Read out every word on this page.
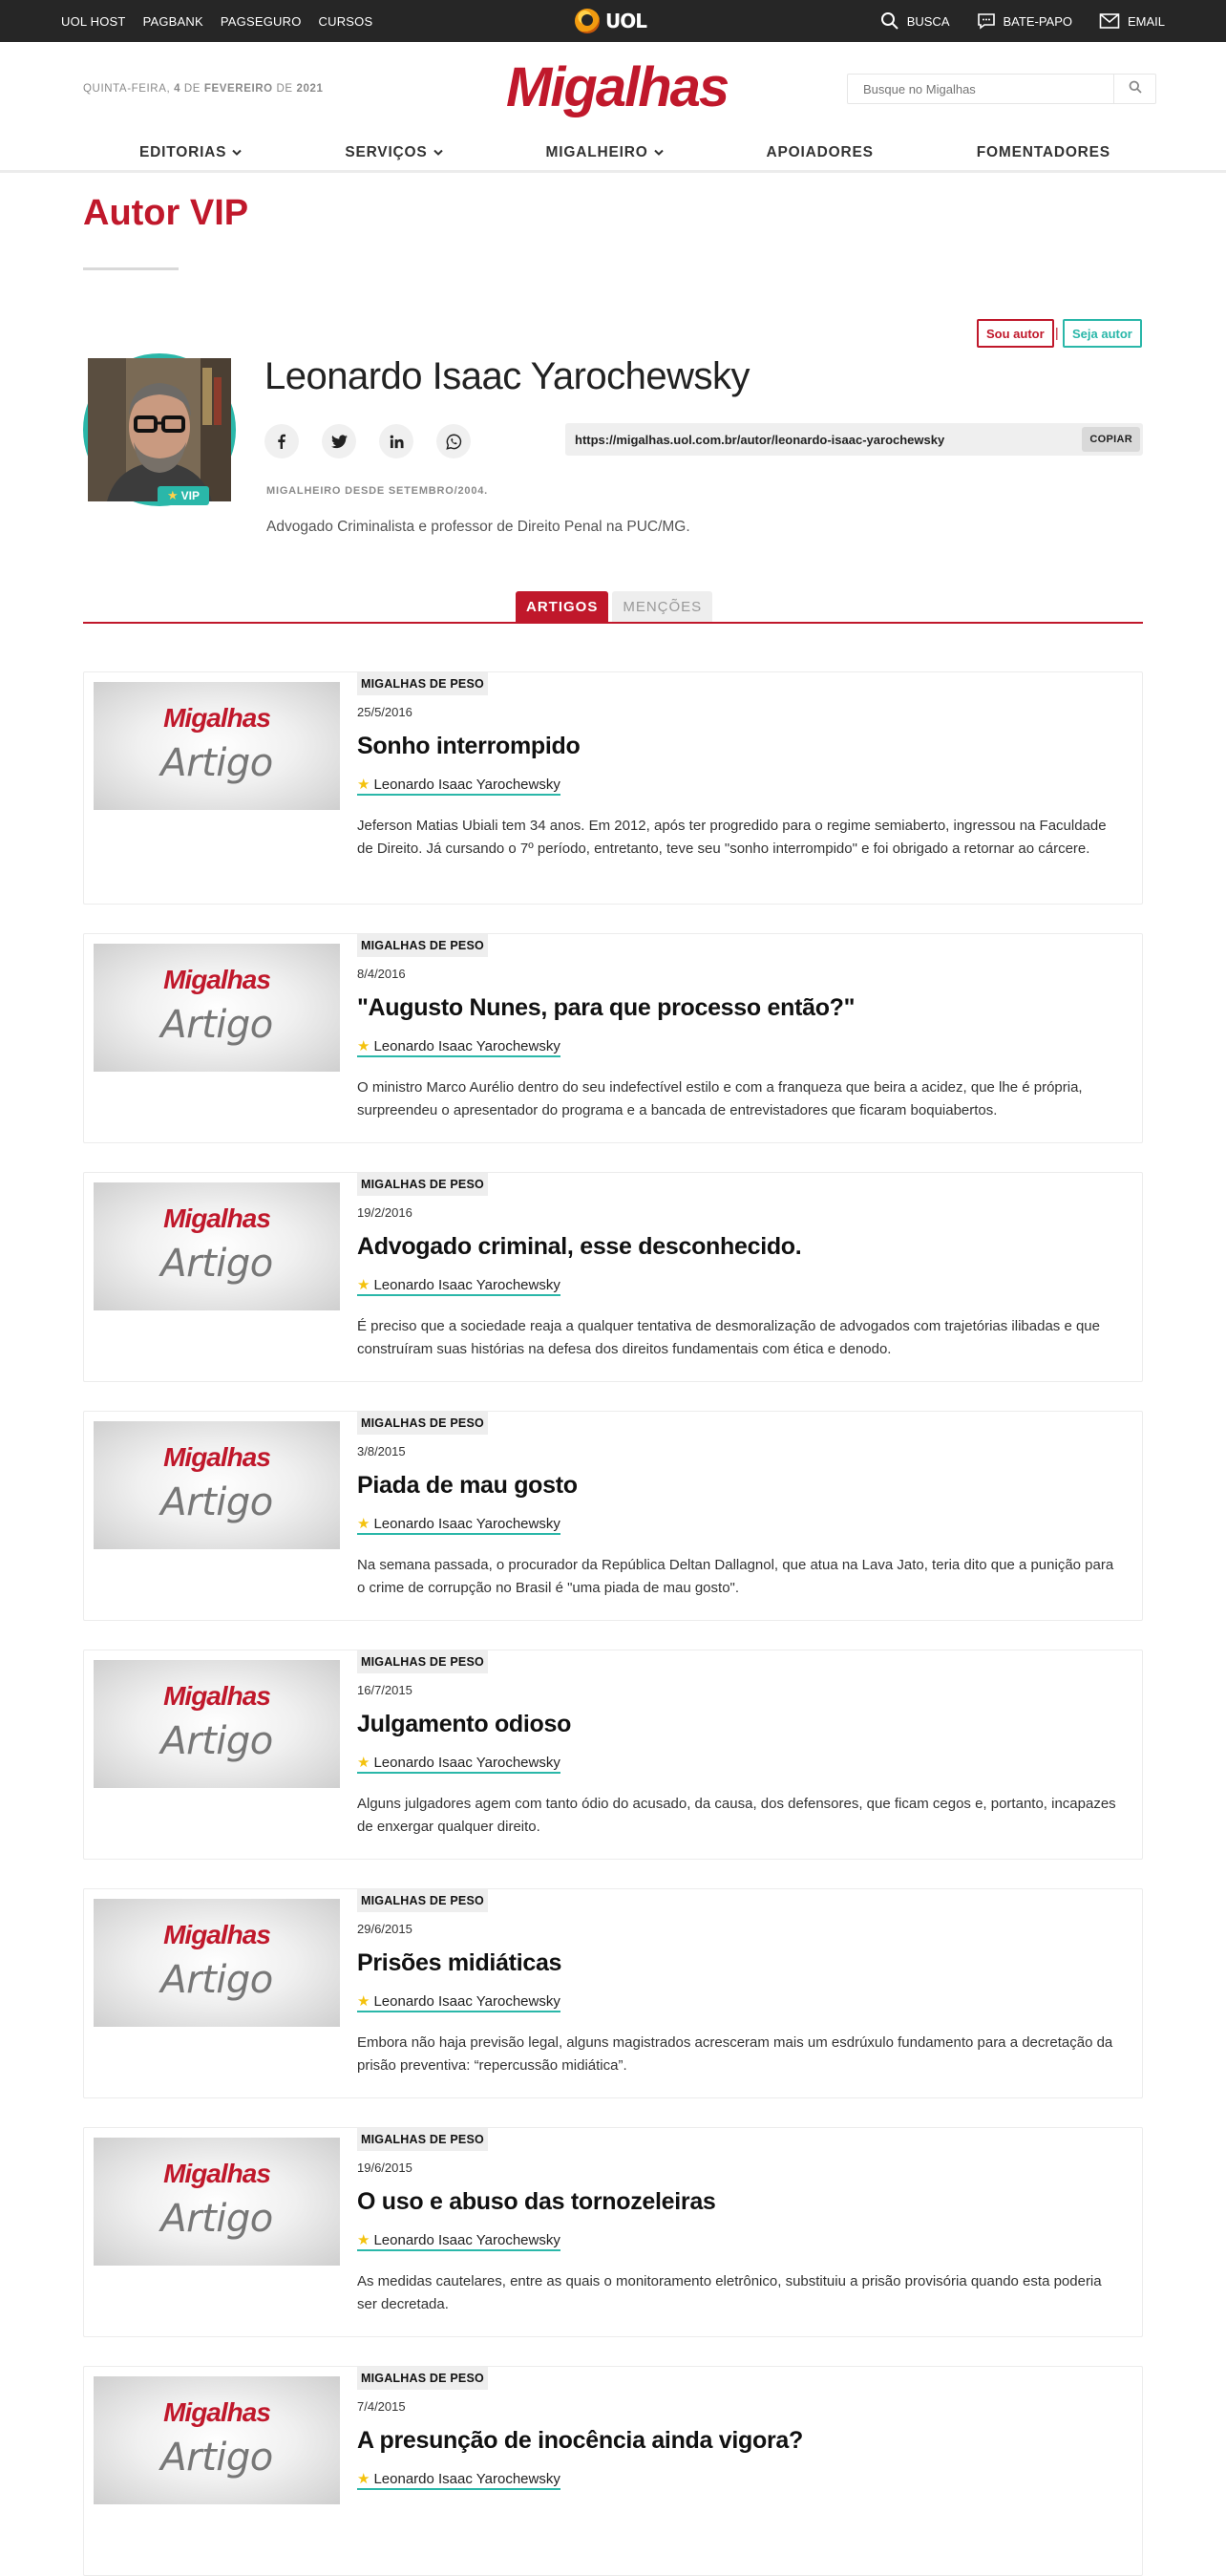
UOL HOST PAGBANK PAGSEGURO CURSOS	UOL	BUSCA	BATE-PAPO	EMAIL
QUINTA-FEIRA, 4 DE FEVEREIRO DE 2021	Migalhas
Busque no Migalhas
EDITORIAS	SERVIÇOS	MIGALHEIRO	APOIADORES	FOMENTADORES
Autor VIP
Sou autor |	Seja autor
★ VIP
Leonardo Isaac Yarochewsky
https://migalhas.uol.com.br/autor/leonardo-isaac-yarochewsky	COPIAR
MIGALHEIRO DESDE SETEMBRO/2004.
Advogado Criminalista e professor de Direito Penal na PUC/MG.
ARTIGOS	MENÇÕES
Migalhas
Artigo
MIGALHAS DE PESO
25/5/2016
Sonho interrompido
★ Leonardo Isaac Yarochewsky
Jeferson Matias Ubiali tem 34 anos. Em 2012, após ter progredido para o regime semiaberto, ingressou na Faculdade de Direito. Já cursando o 7º período, entretanto, teve seu "sonho interrompido" e foi obrigado a retornar ao cárcere.
Migalhas
Artigo
MIGALHAS DE PESO
8/4/2016
"Augusto Nunes, para que processo então?"
★ Leonardo Isaac Yarochewsky
O ministro Marco Aurélio dentro do seu indefectível estilo e com a franqueza que beira a acidez, que lhe é própria, surpreendeu o apresentador do programa e a bancada de entrevistadores que ficaram boquiabertos.
Migalhas
Artigo
MIGALHAS DE PESO
19/2/2016
Advogado criminal, esse desconhecido.
★ Leonardo Isaac Yarochewsky
É preciso que a sociedade reaja a qualquer tentativa de desmoralização de advogados com trajetórias ilibadas e que construíram suas histórias na defesa dos direitos fundamentais com ética e denodo.
Migalhas
Artigo
MIGALHAS DE PESO
3/8/2015
Piada de mau gosto
★ Leonardo Isaac Yarochewsky
Na semana passada, o procurador da República Deltan Dallagnol, que atua na Lava Jato, teria dito que a punição para o crime de corrupção no Brasil é "uma piada de mau gosto".
Migalhas
Artigo
MIGALHAS DE PESO
16/7/2015
Julgamento odioso
★ Leonardo Isaac Yarochewsky
Alguns julgadores agem com tanto ódio do acusado, da causa, dos defensores, que ficam cegos e, portanto, incapazes de enxergar qualquer direito.
Migalhas
Artigo
MIGALHAS DE PESO
29/6/2015
Prisões midiáticas
★ Leonardo Isaac Yarochewsky
Embora não haja previsão legal, alguns magistrados acresceram mais um esdrúxulo fundamento para a decretação da prisão preventiva: “repercussão midiática”.
Migalhas
Artigo
MIGALHAS DE PESO
19/6/2015
O uso e abuso das tornozeleiras
★ Leonardo Isaac Yarochewsky
As medidas cautelares, entre as quais o monitoramento eletrônico, substituiu a prisão provisória quando esta poderia ser decretada.
Migalhas
Artigo
MIGALHAS DE PESO
7/4/2015
A presunção de inocência ainda vigora?
★ Leonardo Isaac Yarochewsky
